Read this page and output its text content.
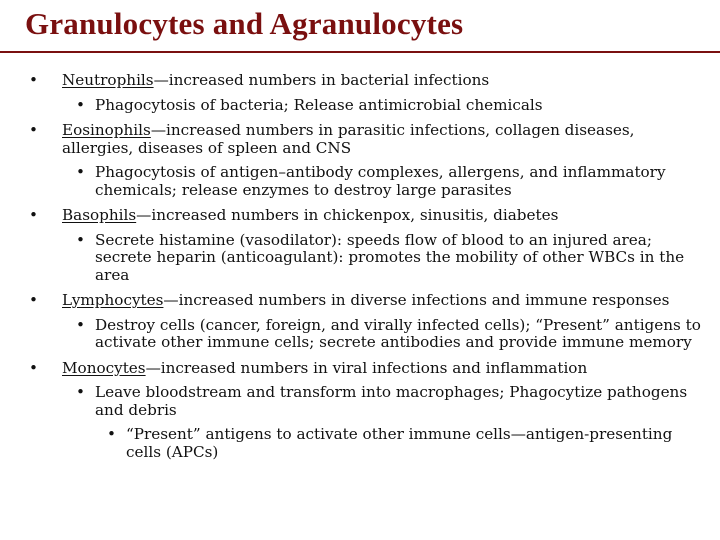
Granulocytes and Agranulocytes
• Neutrophils—increased numbers in bacterial infections
• Phagocytosis of bacteria; Release antimicrobial chemicals
• Eosinophils—increased numbers in parasitic infections, collagen diseases, allergies, diseases of spleen and CNS
• Phagocytosis of antigen–antibody complexes, allergens, and inflammatory chemicals; release enzymes to destroy large parasites
• Basophils—increased numbers in chickenpox, sinusitis, diabetes
• Secrete histamine (vasodilator): speeds flow of blood to an injured area; secrete heparin (anticoagulant): promotes the mobility of other WBCs in the area
• Lymphocytes—increased numbers in diverse infections and immune responses
• Destroy cells (cancer, foreign, and virally infected cells); “Present” antigens to activate other immune cells; secrete antibodies and provide immune memory
• Monocytes—increased numbers in viral infections and inflammation
• Leave bloodstream and transform into macrophages; Phagocytize pathogens and debris
• “Present” antigens to activate other immune cells—antigen-presenting cells (APCs)
